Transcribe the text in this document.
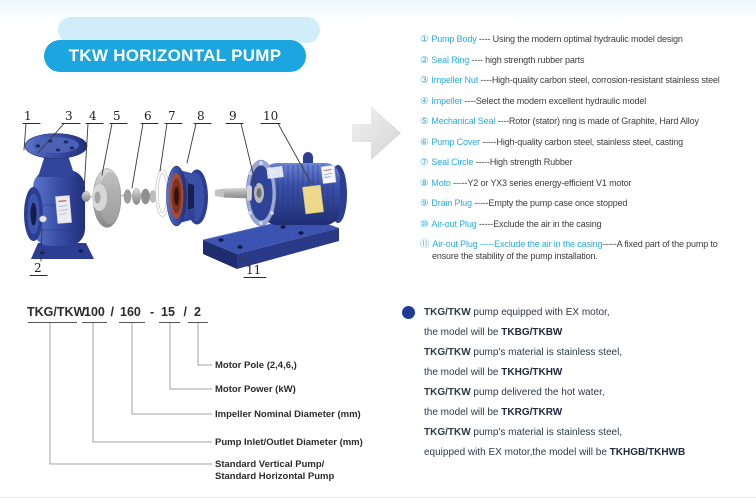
TKW HORIZONTAL PUMP
1	3 4 5 6 7 8 9 10
2	11
① Pump Body ---- Using the modern optimal hydraulic model design
② Seal Ring ---- high strength rubber parts
③ Impeller Nut ----High-quality carbon steel, corrosion-resistant stainless steel
④ Impeller ----Select the modern excellent hydraulic model
⑤ Mechanical Seal ----Rotor (stator) ring is made of Graphite, Hard Alloy
⑥ Pump Cover -----High-quality carbon steel, stainless steel, casting
⑦ Seal Circle -----High strength Rubber
⑧ Moto -----Y2 or YX3 series energy-efficient V1 motor
⑨ Drain Plug -----Empty the pump case once stopped
⑩ Air-out Plug -----Exclude the air in the casing
⑪ Air-out Plug -----Exclude the air in the casing-----A fixed part of the pump to
ensure the stability of the pump installation.
TKG/TKW
100 / 160 - 15 / 2
Motor Pole (2,4,6,)
Motor Power (kW)
Impeller Nominal Diameter (mm)
Pump Inlet/Outlet Diameter (mm)
Standard Vertical Pump/
Standard Horizontal Pump
TKG/TKW pump equipped with EX motor,
the model will be TKBG/TKBW
TKG/TKW pump's material is stainless steel,
the model will be TKHG/TKHW
TKG/TKW pump delivered the hot water,
the model will be TKRG/TKRW
TKG/TKW pump's material is stainless steel,
equipped with EX motor,the model will be TKHGB/TKHWB
